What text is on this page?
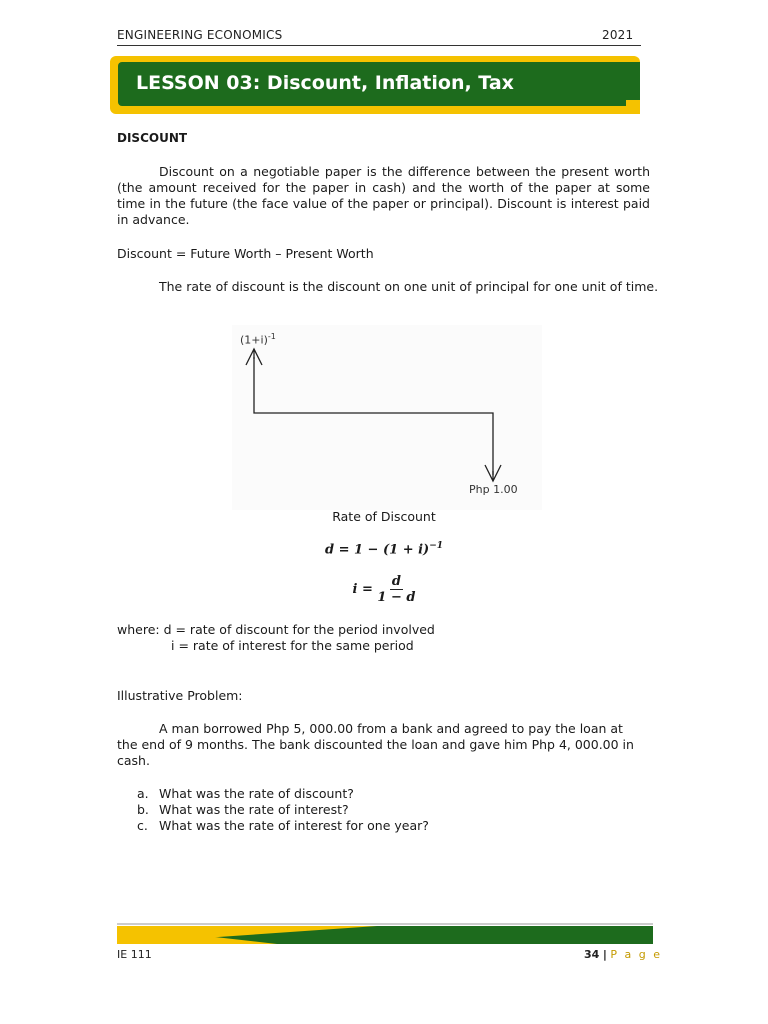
ENGINEERING ECONOMICS	2021
LESSON 03: Discount, Inflation, Tax
DISCOUNT
Discount on a negotiable paper is the difference between the present worth (the amount received for the paper in cash) and the worth of the paper at some time in the future (the face value of the paper or principal). Discount is interest paid in advance.
Discount = Future Worth – Present Worth
The rate of discount is the discount on one unit of principal for one unit of time.
$(1+i)^{-1}$
Php 1.00
Rate of Discount
$d = 1 - (1 + i)^{-1}$
$i = \frac{d}{1 - d}$
where: d = rate of discount for the period involved
i = rate of interest for the same period
Illustrative Problem:
A man borrowed Php 5, 000.00 from a bank and agreed to pay the loan at the end of 9 months. The bank discounted the loan and gave him Php 4, 000.00 in cash.
a. What was the rate of discount?
b. What was the rate of interest?
c. What was the rate of interest for one year?
IE 111	34 | P a g e
